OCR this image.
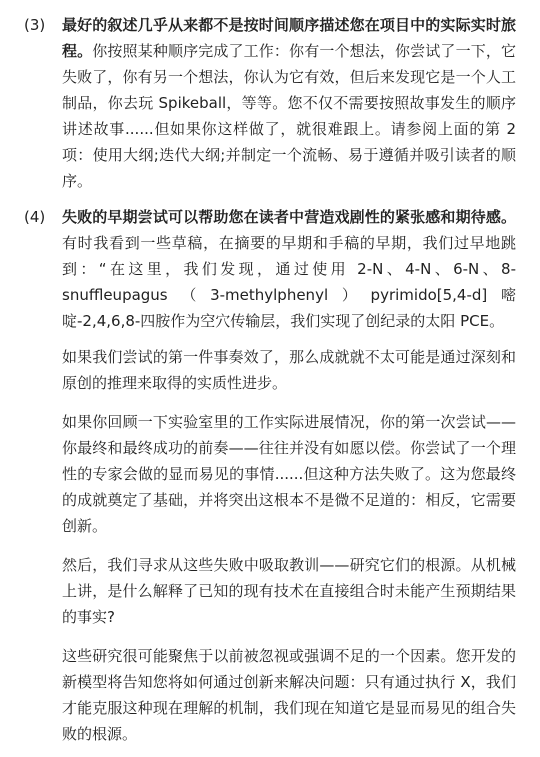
(3)	最好的叙述几乎从来都不是按时间顺序描述您在项目中的实际实时旅程。你按照某种顺序完成了工作：你有一个想法，你尝试了一下，它失败了，你有另一个想法，你认为它有效，但后来发现它是一个人工制品，你去玩 Spikeball，等等。您不仅不需要按照故事发生的顺序讲述故事......但如果你这样做了，就很难跟上。请参阅上面的第 2 项：使用大纲;迭代大纲;并制定一个流畅、易于遵循并吸引读者的顺序。
(4)	失败的早期尝试可以帮助您在读者中营造戏剧性的紧张感和期待感。有时我看到一些草稿，在摘要的早期和手稿的早期，我们过早地跳到：“在这里，我们发现，通过使用 2-N、4-N、6-N、8-snuffleupagus（3-methylphenyl）pyrimido[5,4-d]嘧啶-2,4,6,8-四胺作为空穴传输层，我们实现了创纪录的太阳 PCE。

如果我们尝试的第一件事奏效了，那么成就就不太可能是通过深刻和原创的推理来取得的实质性进步。

如果你回顾一下实验室里的工作实际进展情况，你的第一次尝试——你最终和最终成功的前奏——往往并没有如愿以偿。你尝试了一个理性的专家会做的显而易见的事情......但这种方法失败了。这为您最终的成就奠定了基础，并将突出这根本不是微不足道的：相反，它需要创新。

然后，我们寻求从这些失败中吸取教训——研究它们的根源。从机械上讲，是什么解释了已知的现有技术在直接组合时未能产生预期结果的事实?

这些研究很可能聚焦于以前被忽视或强调不足的一个因素。您开发的新模型将告知您将如何通过创新来解决问题：只有通过执行 X，我们才能克服这种现在理解的机制，我们现在知道它是显而易见的组合失败的根源。
